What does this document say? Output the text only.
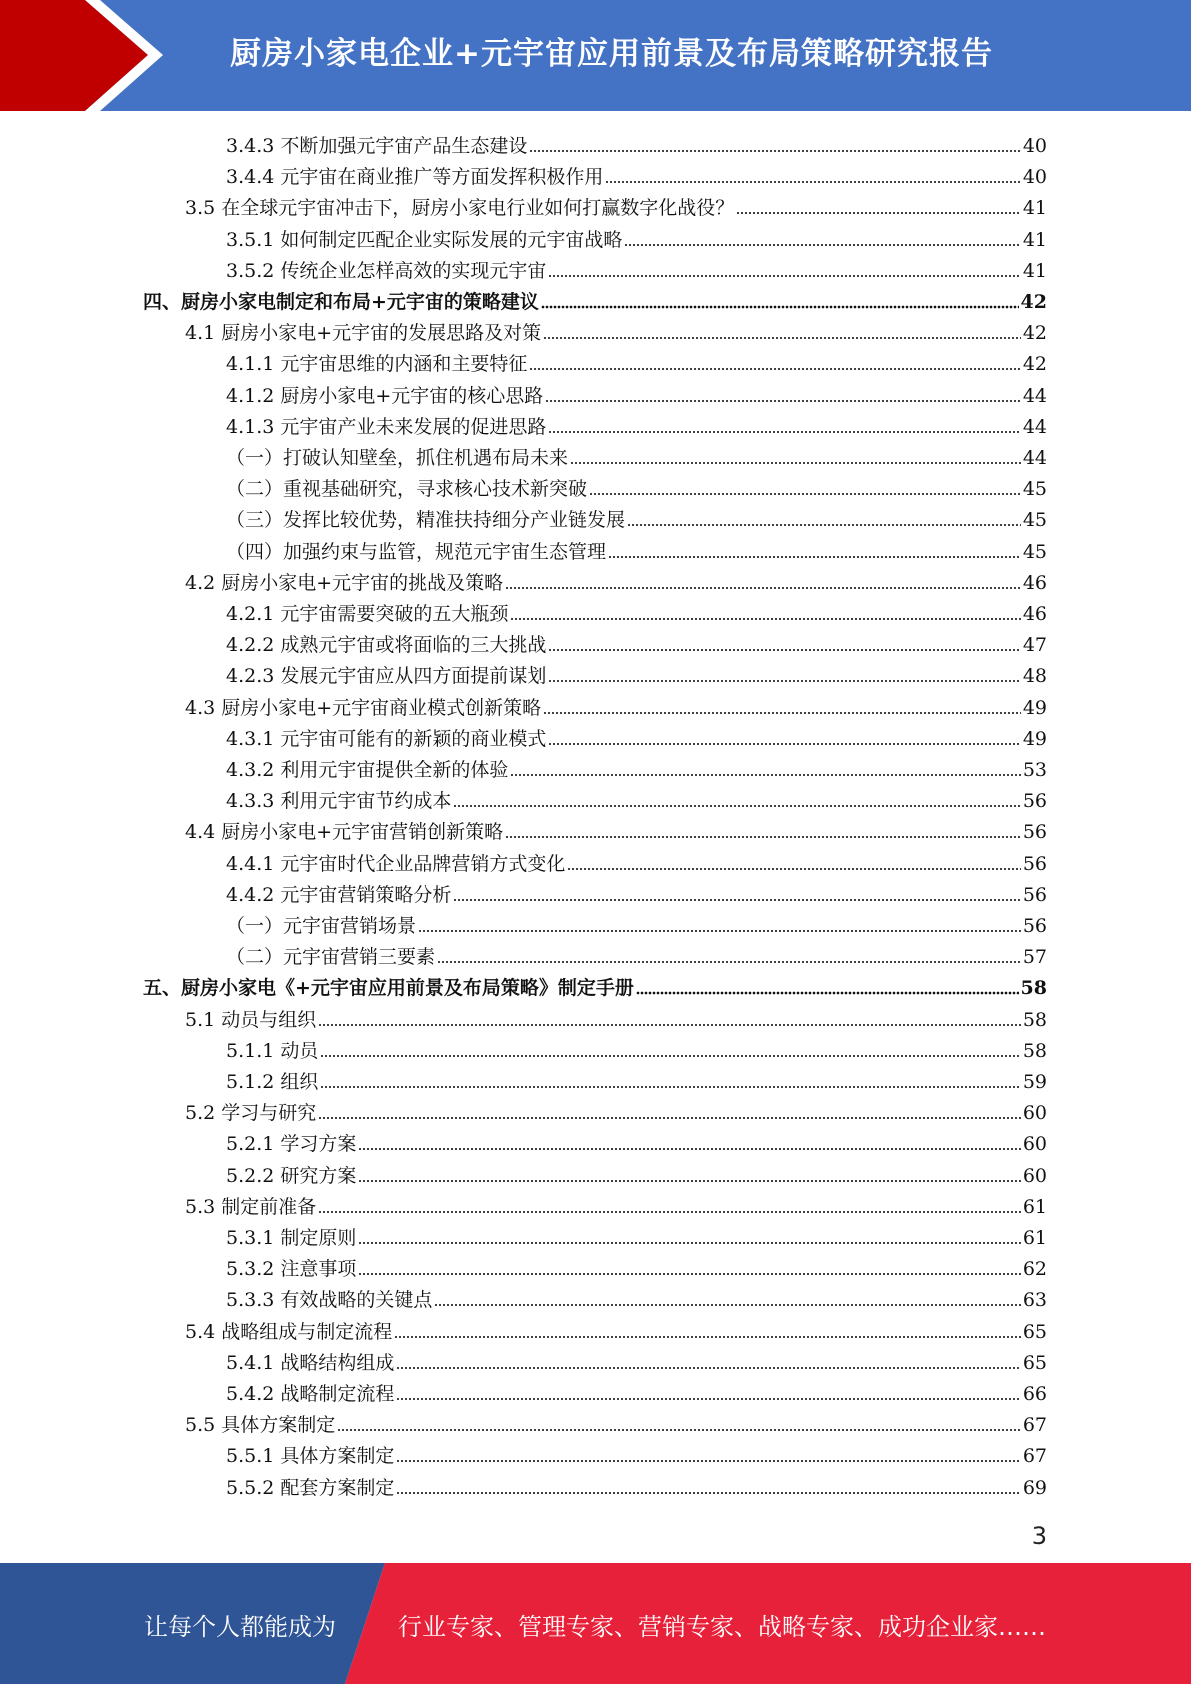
厨房小家电企业+元宇宙应用前景及布局策略研究报告
3.4.3 不断加强元宇宙产品生态建设	40
3.4.4 元宇宙在商业推广等方面发挥积极作用	40
3.5 在全球元宇宙冲击下，厨房小家电行业如何打赢数字化战役？	41
3.5.1 如何制定匹配企业实际发展的元宇宙战略	41
3.5.2 传统企业怎样高效的实现元宇宙	41
四、厨房小家电制定和布局+元宇宙的策略建议	42
4.1 厨房小家电+元宇宙的发展思路及对策	42
4.1.1 元宇宙思维的内涵和主要特征	42
4.1.2 厨房小家电+元宇宙的核心思路	44
4.1.3 元宇宙产业未来发展的促进思路	44
（一）打破认知壁垒，抓住机遇布局未来	44
（二）重视基础研究，寻求核心技术新突破	45
（三）发挥比较优势，精准扶持细分产业链发展	45
（四）加强约束与监管，规范元宇宙生态管理	45
4.2 厨房小家电+元宇宙的挑战及策略	46
4.2.1 元宇宙需要突破的五大瓶颈	46
4.2.2 成熟元宇宙或将面临的三大挑战	47
4.2.3 发展元宇宙应从四方面提前谋划	48
4.3 厨房小家电+元宇宙商业模式创新策略	49
4.3.1 元宇宙可能有的新颖的商业模式	49
4.3.2 利用元宇宙提供全新的体验	53
4.3.3 利用元宇宙节约成本	56
4.4 厨房小家电+元宇宙营销创新策略	56
4.4.1 元宇宙时代企业品牌营销方式变化	56
4.4.2 元宇宙营销策略分析	56
（一）元宇宙营销场景	56
（二）元宇宙营销三要素	57
五、厨房小家电《+元宇宙应用前景及布局策略》制定手册	58
5.1 动员与组织	58
5.1.1 动员	58
5.1.2 组织	59
5.2 学习与研究	60
5.2.1 学习方案	60
5.2.2 研究方案	60
5.3 制定前准备	61
5.3.1 制定原则	61
5.3.2 注意事项	62
5.3.3 有效战略的关键点	63
5.4 战略组成与制定流程	65
5.4.1 战略结构组成	65
5.4.2 战略制定流程	66
5.5 具体方案制定	67
5.5.1 具体方案制定	67
5.5.2 配套方案制定	69
3
让每个人都能成为	行业专家、管理专家、营销专家、战略专家、成功企业家……
